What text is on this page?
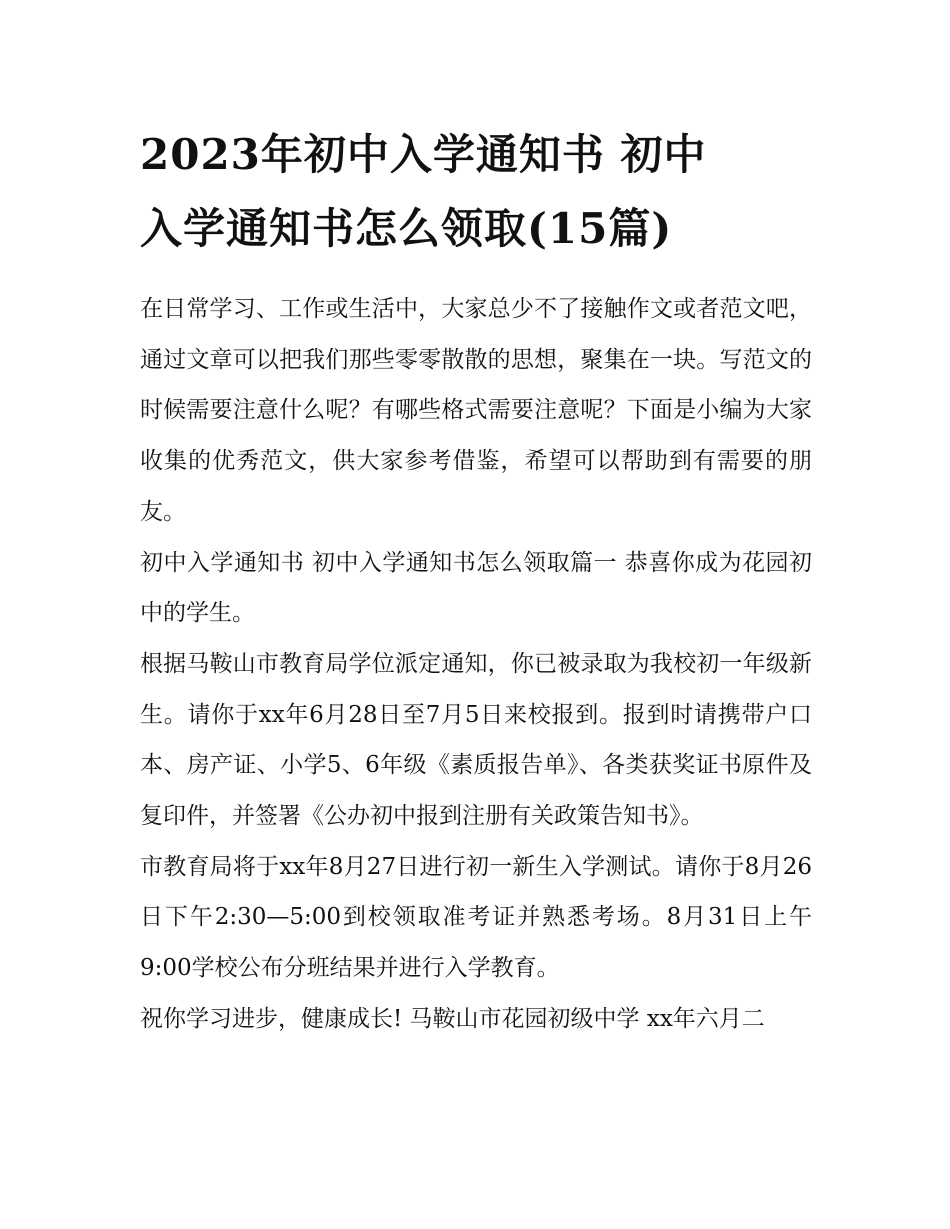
2023年初中入学通知书 初中
入学通知书怎么领取(15篇)

在日常学习、工作或生活中，大家总少不了接触作文或者范文吧，通过文章可以把我们那些零零散散的思想，聚集在一块。写范文的时候需要注意什么呢？有哪些格式需要注意呢？下面是小编为大家收集的优秀范文，供大家参考借鉴，希望可以帮助到有需要的朋友。

初中入学通知书 初中入学通知书怎么领取篇一 恭喜你成为花园初中的学生。

根据马鞍山市教育局学位派定通知，你已被录取为我校初一年级新生。请你于xx年6月28日至7月5日来校报到。报到时请携带户口本、房产证、小学5、6年级《素质报告单》、各类获奖证书原件及复印件，并签署《公办初中报到注册有关政策告知书》。

市教育局将于xx年8月27日进行初一新生入学测试。请你于8月26日下午2:30—5:00到校领取准考证并熟悉考场。8月31日上午9:00学校公布分班结果并进行入学教育。

祝你学习进步，健康成长! 马鞍山市花园初级中学 xx年六月二
